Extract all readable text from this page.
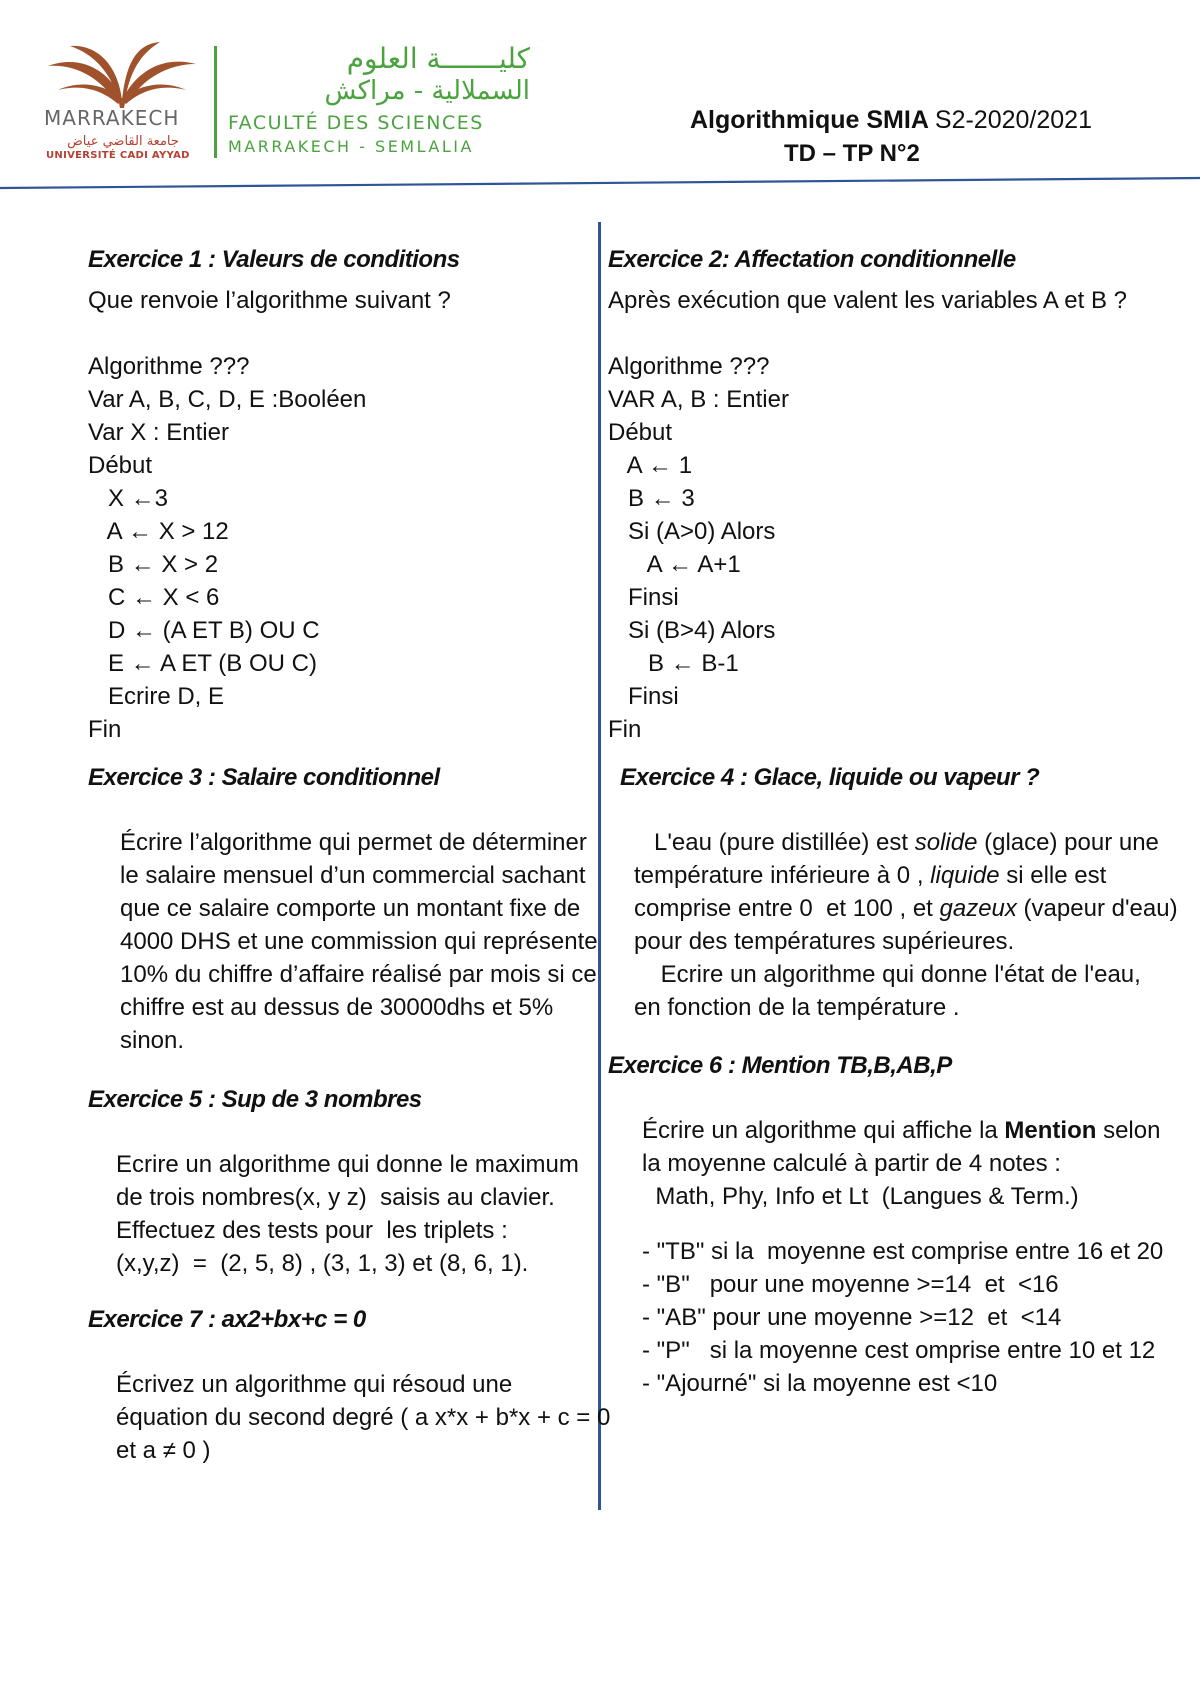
MARRAKECH
جامعة القاضي عياض
UNIVERSITÉ CADI AYYAD
كليـــــــة العلوم
السملالية - مراكش
FACULTÉ DES SCIENCES
MARRAKECH - SEMLALIA
Algorithmique SMIA S2-2020/2021
TD – TP N°2
Exercice 1 : Valeurs de conditions
Que renvoie l’algorithme suivant ?
Algorithme ???
Var A, B, C, D, E :Booléen
Var X : Entier
Début
X ←3
A ← X > 12
B ← X > 2
C ← X < 6
D ← (A ET B) OU C
E ← A ET (B OU C)
Ecrire D, E
Fin
Exercice 2: Affectation conditionnelle
Après exécution que valent les variables A et B ?
Algorithme ???
VAR A, B : Entier
Début
A ← 1
B ← 3
Si (A>0) Alors
A ← A+1
Finsi
Si (B>4) Alors
B ← B-1
Finsi
Fin
Exercice 3 : Salaire conditionnel
Écrire l’algorithme qui permet de déterminer
le salaire mensuel d’un commercial sachant
que ce salaire comporte un montant fixe de
4000 DHS et une commission qui représente
10% du chiffre d’affaire réalisé par mois si ce
chiffre est au dessus de 30000dhs et 5%
sinon.
Exercice 4 : Glace, liquide ou vapeur ?
L'eau (pure distillée) est solide (glace) pour une
température inférieure à 0 , liquide si elle est
comprise entre 0  et 100 , et gazeux (vapeur d'eau)
pour des températures supérieures.
Ecrire un algorithme qui donne l'état de l'eau,
en fonction de la température .
Exercice 6 : Mention TB,B,AB,P
Écrire un algorithme qui affiche la Mention selon
la moyenne calculé à partir de 4 notes :
Math, Phy, Info et Lt  (Langues & Term.)
- "TB" si la  moyenne est comprise entre 16 et 20
- "B"   pour une moyenne >=14  et  <16
- "AB" pour une moyenne >=12  et  <14
- "P"   si la moyenne cest omprise entre 10 et 12
- "Ajourné" si la moyenne est <10
Exercice 5 : Sup de 3 nombres
Ecrire un algorithme qui donne le maximum
de trois nombres(x, y z)  saisis au clavier.
Effectuez des tests pour  les triplets :
(x,y,z)  =  (2, 5, 8) , (3, 1, 3) et (8, 6, 1).
Exercice 7 : ax2+bx+c = 0
Écrivez un algorithme qui résoud une
équation du second degré ( a x*x + b*x + c = 0
et a ≠ 0 )
